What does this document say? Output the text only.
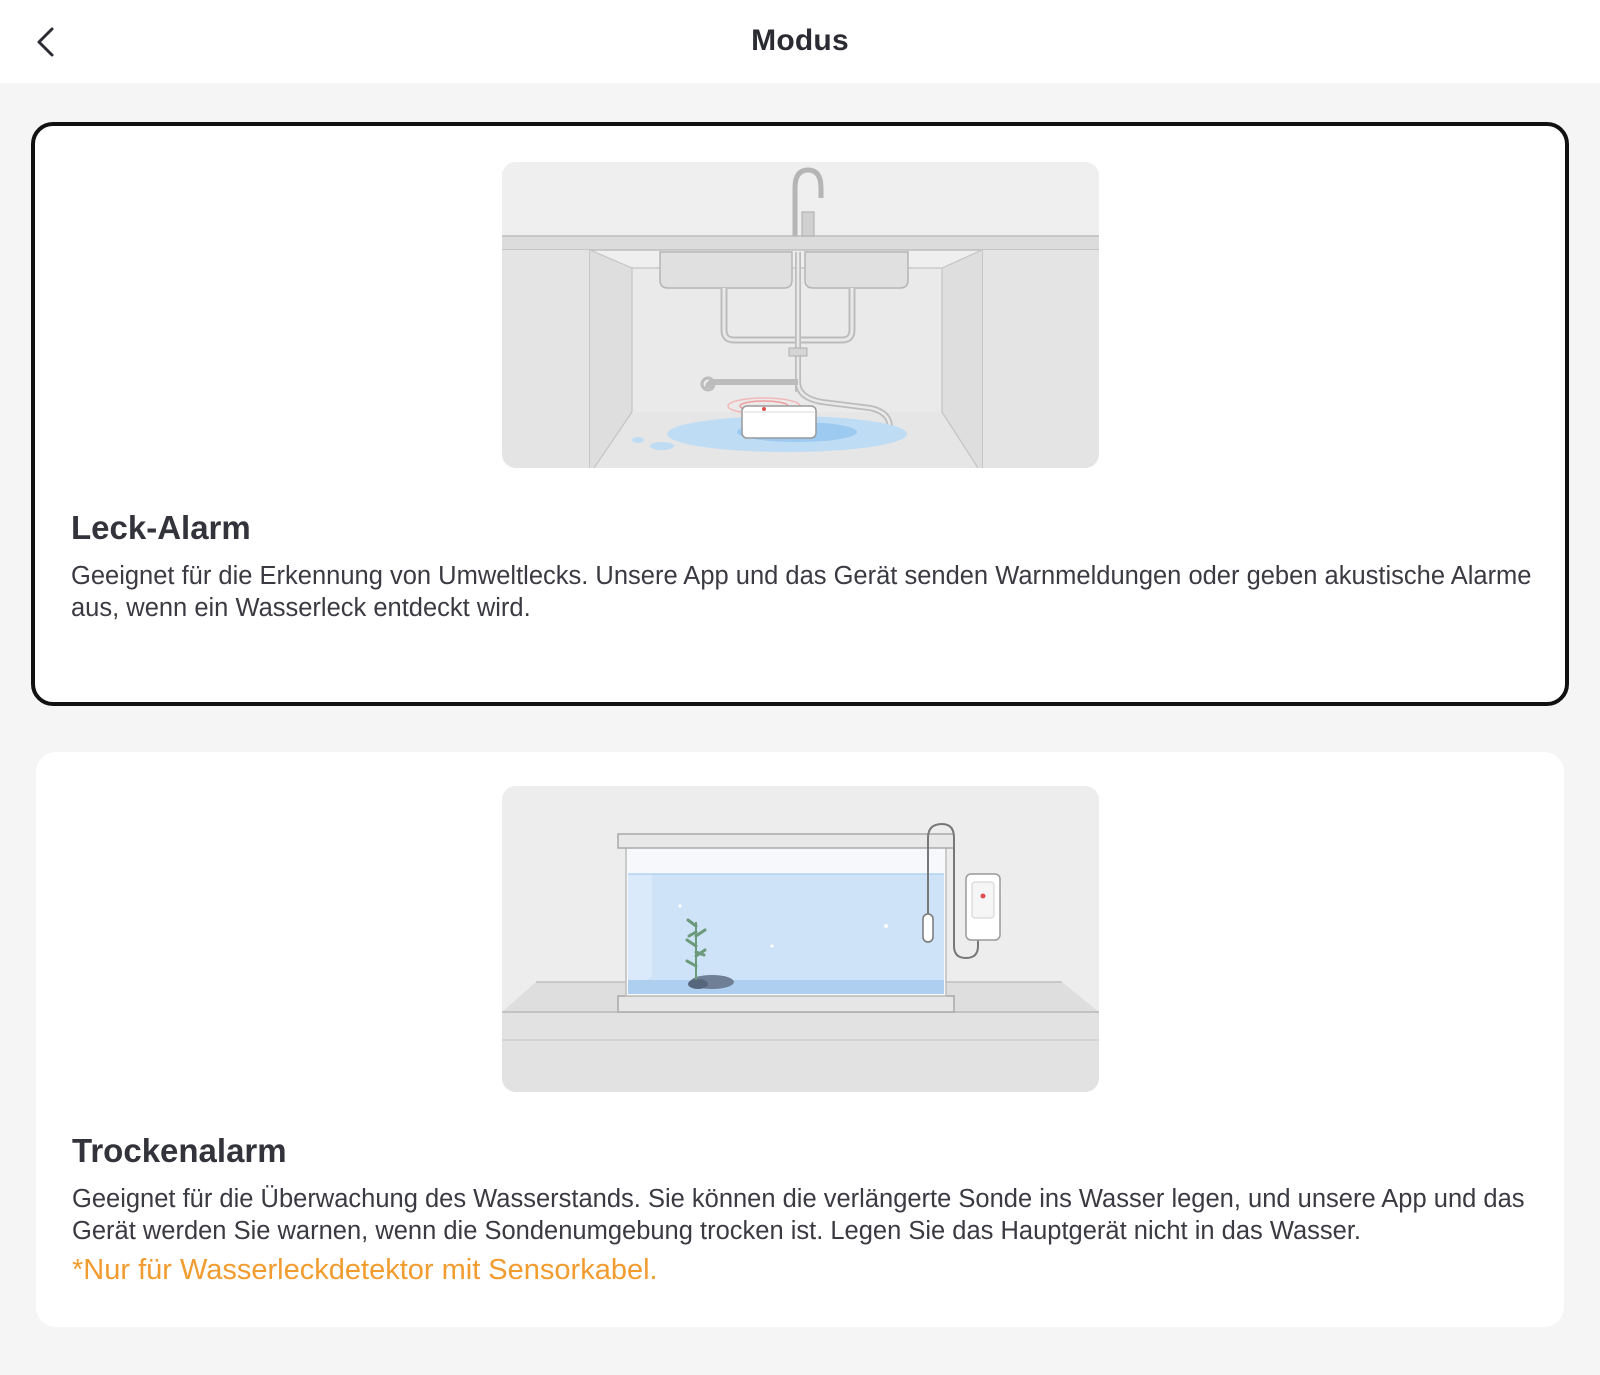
Modus
Leck-Alarm
Geeignet für die Erkennung von Umweltlecks. Unsere App und das Gerät senden Warnmeldungen oder geben akustische Alarme aus, wenn ein Wasserleck entdeckt wird.
Trockenalarm
Geeignet für die Überwachung des Wasserstands. Sie können die verlängerte Sonde ins Wasser legen, und unsere App und das Gerät werden Sie warnen, wenn die Sondenumgebung trocken ist. Legen Sie das Hauptgerät nicht in das Wasser.
*Nur für Wasserleckdetektor mit Sensorkabel.
